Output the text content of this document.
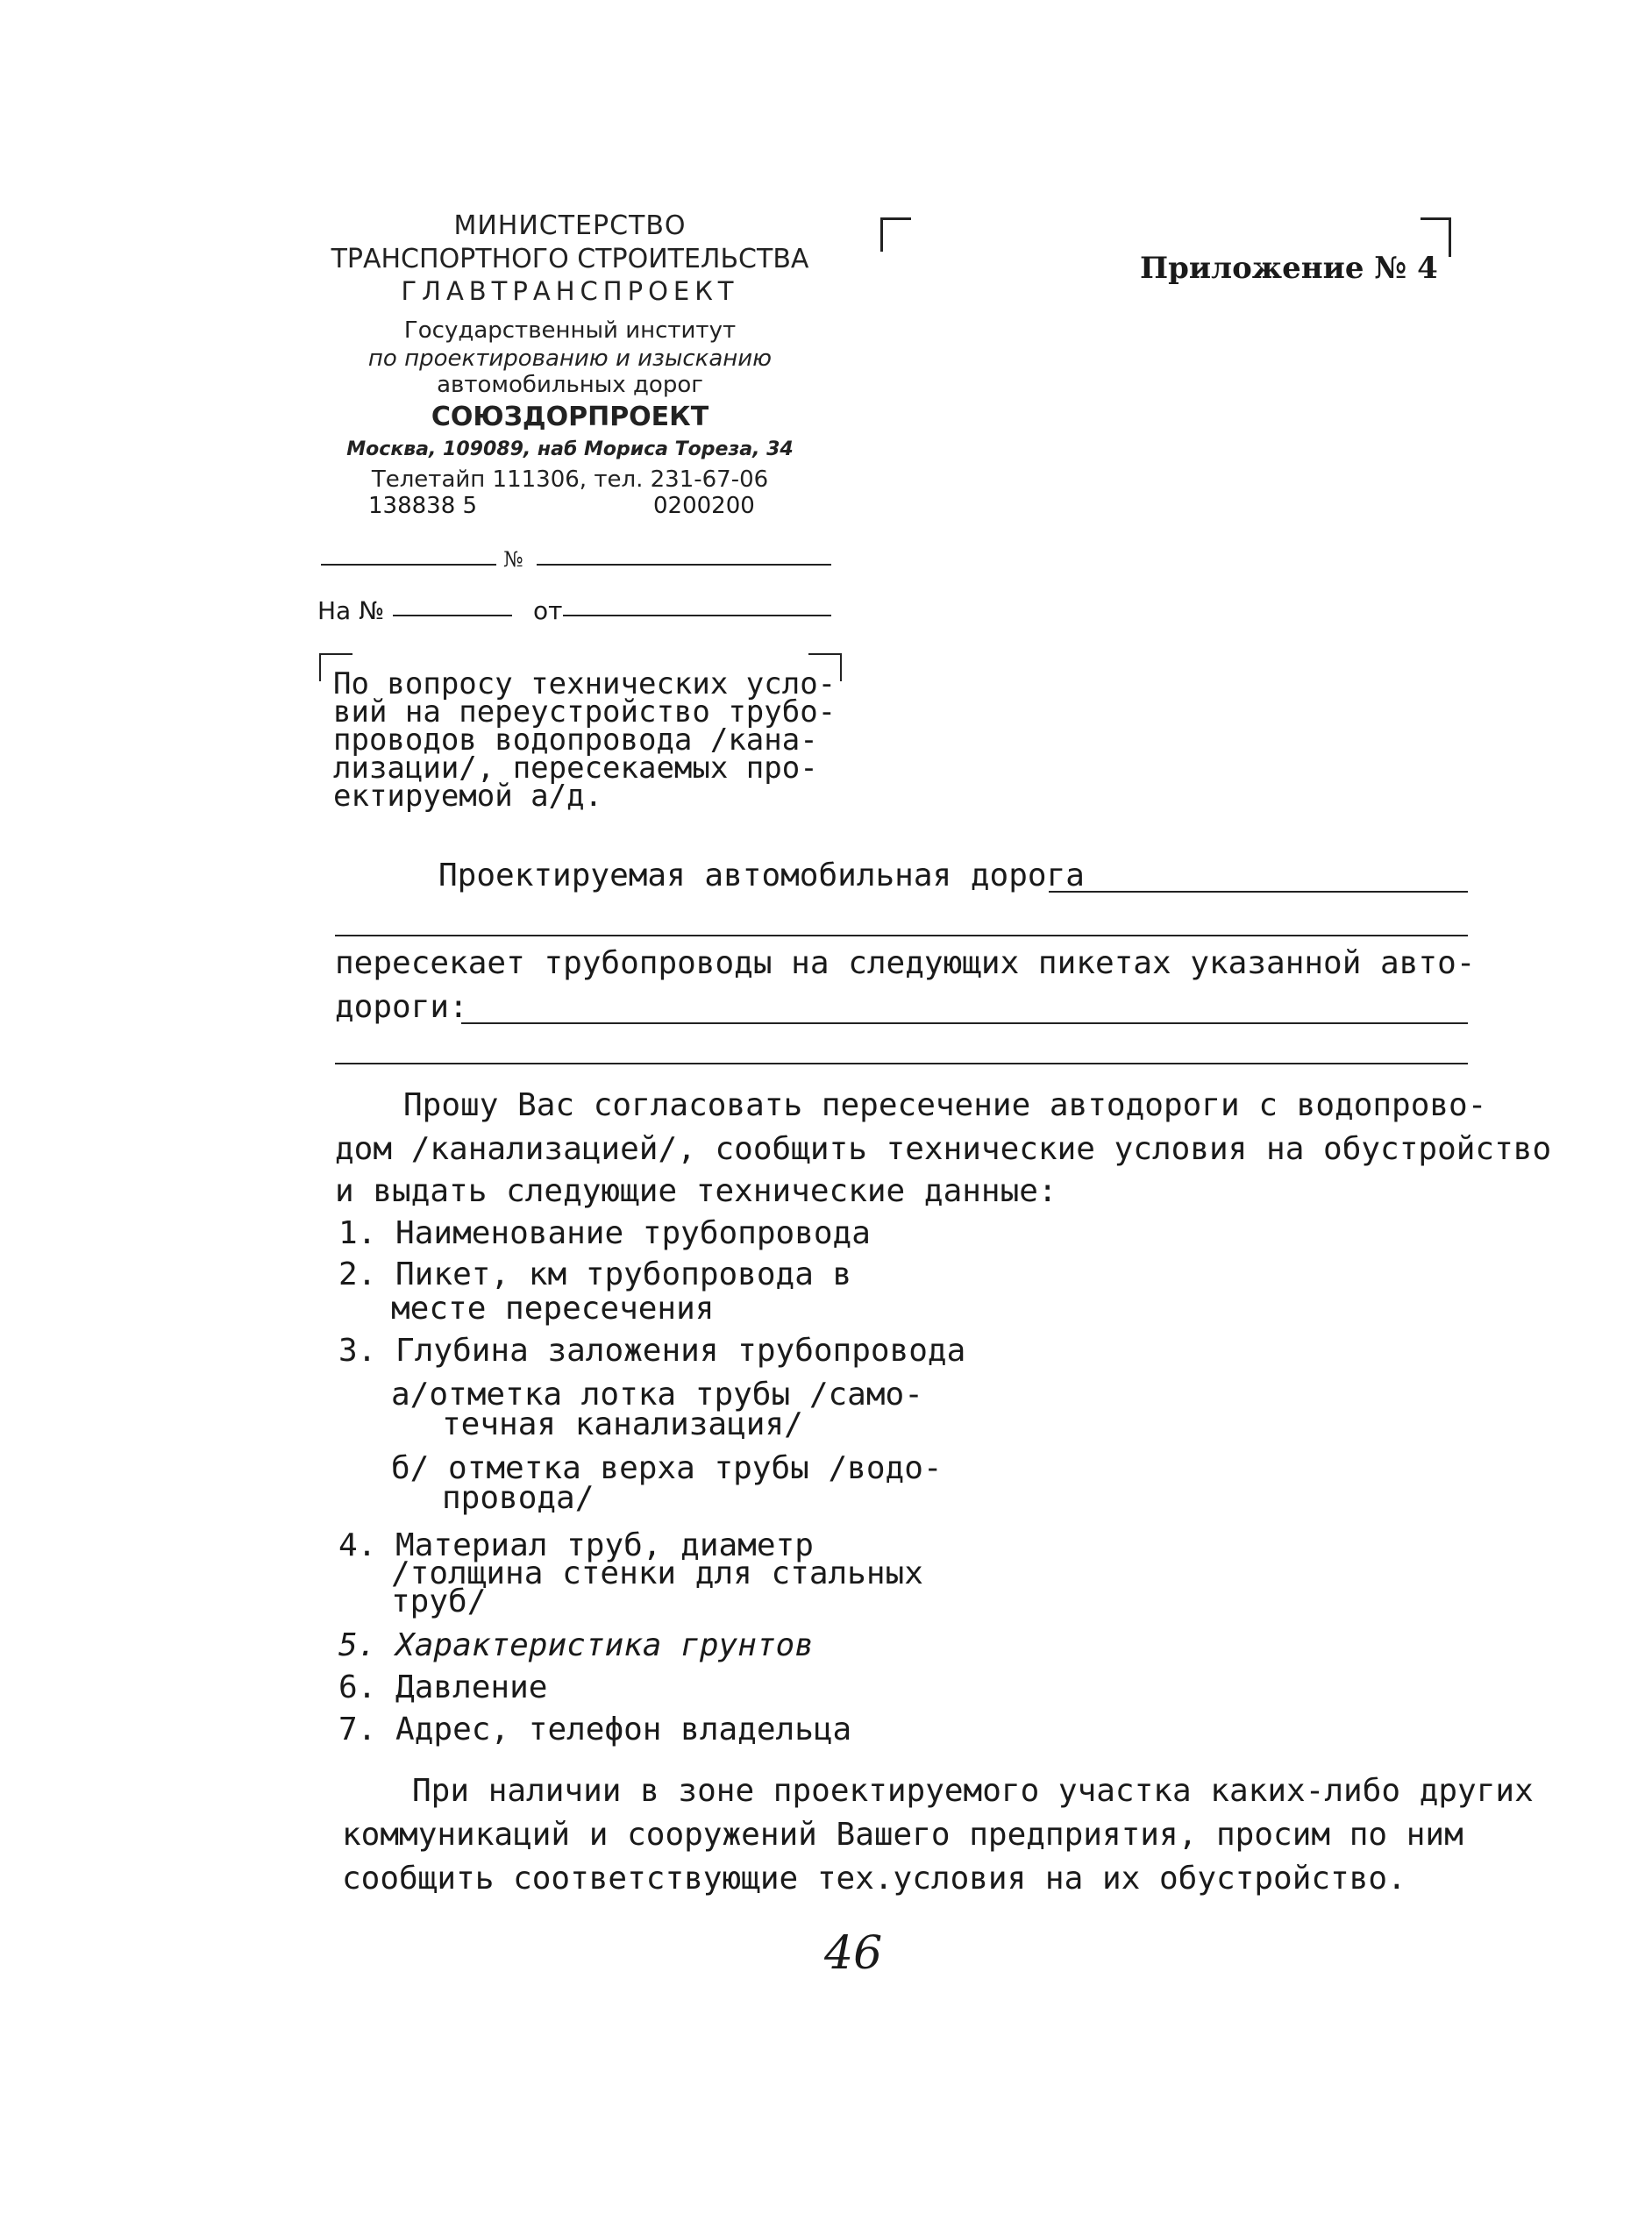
МИНИСТЕРСТВО
ТРАНСПОРТНОГО СТРОИТЕЛЬСТВА
ГЛАВТРАНСПРОЕКТ
Государственный институт
по проектированию и изысканию
автомобильных дорог
СОЮЗДОРПРОЕКТ
Москва, 109089, наб Мориса Тореза, 34
Телетайп 111306, тел. 231-67-06
138838 5	0200200
№
На №	от
Приложение № 4
По вопросу технических усло-
вий на переустройство трубо-
проводов водопровода /кана-
лизации/, пересекаемых про-
ектируемой а/д.
Проектируемая автомобильная дорога
пересекает трубопроводы на следующих пикетах указанной авто-
дороги:
Прошу Вас согласовать пересечение автодороги с водопрово-
дом /канализацией/, сообщить технические условия на обустройство
и выдать следующие технические данные:
1. Наименование трубопровода
2. Пикет, км трубопровода в
месте пересечения
3. Глубина заложения трубопровода
а/отметка лотка трубы /само-
течная канализация/
б/ отметка верха трубы /водо-
провода/
4. Материал труб, диаметр
/толщина стенки для стальных
труб/
5. Характеристика грунтов
6. Давление
7. Адрес, телефон владельца
При наличии в зоне проектируемого участка каких-либо других
коммуникаций и сооружений Вашего предприятия, просим по ним
сообщить соответствующие тех.условия на их обустройство.
46
